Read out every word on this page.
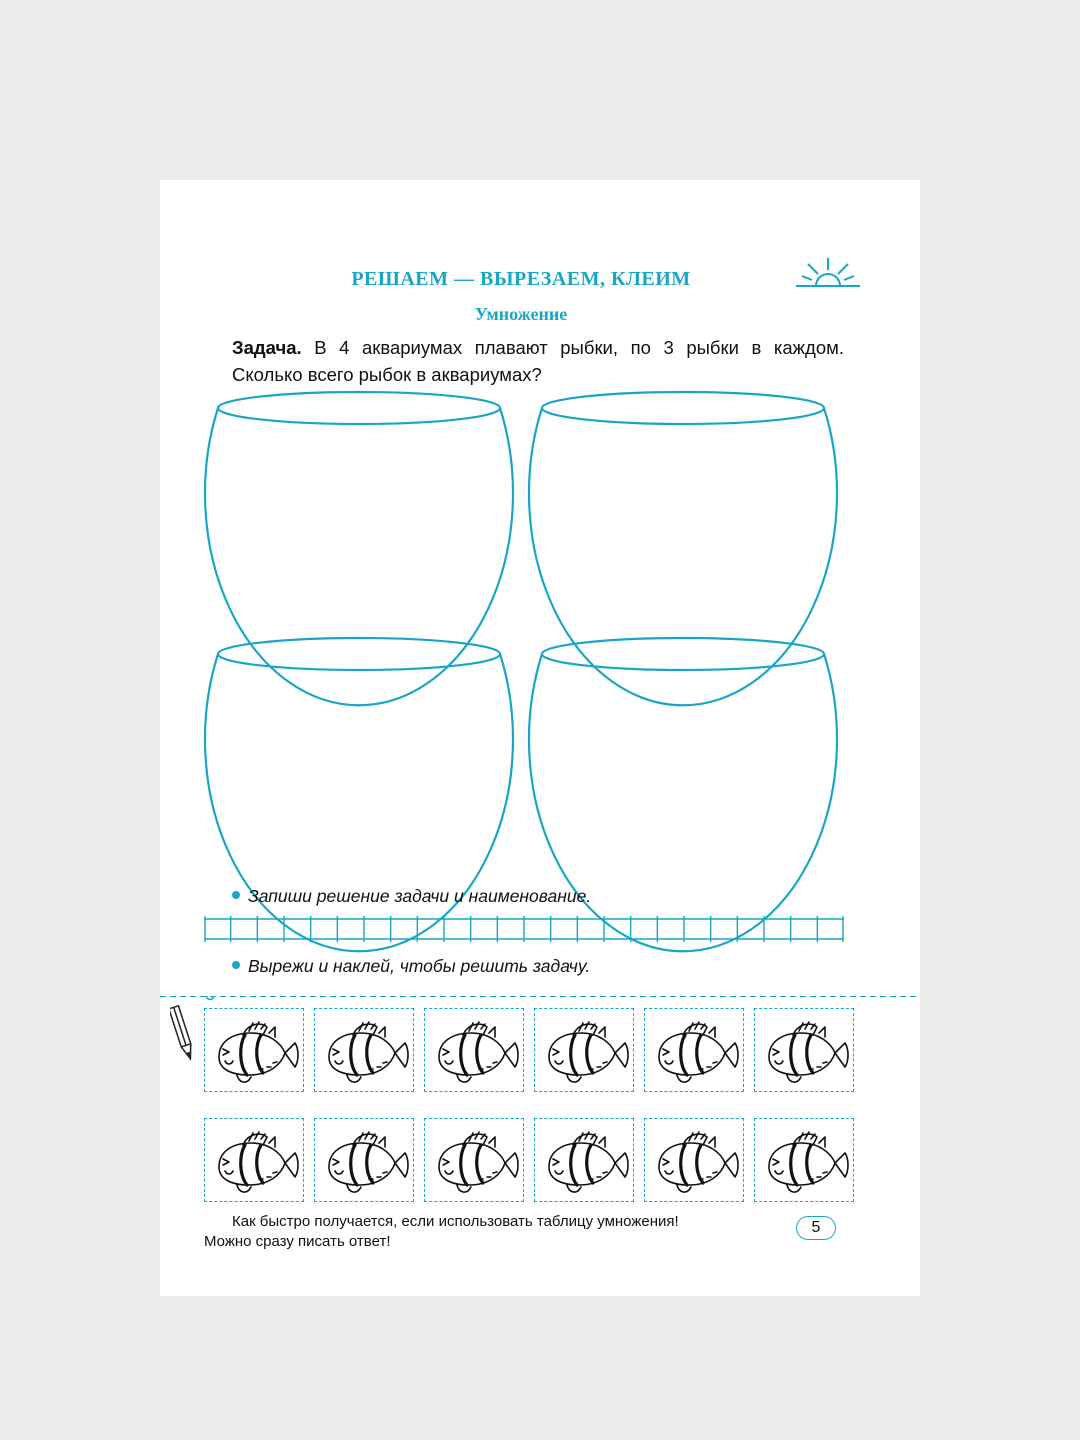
РЕШАЕМ — ВЫРЕЗАЕМ, КЛЕИМ
Умножение

Задача. В 4 аквариумах плавают рыбки, по 3 рыбки в каждом. Сколько всего рыбок в аквариумах?

Запиши решение задачи и наименование.

Вырежи и наклей, чтобы решить задачу.

Как быстро получается, если использовать таблицу умножения!
Можно сразу писать ответ!

5
